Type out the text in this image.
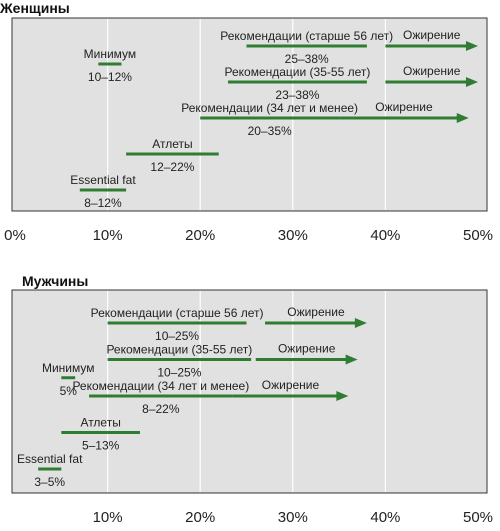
Женщины
Essential fat
8–12%
Атлеты
12–22%
Рекомендации (34 лет и менее)
20–35%
Ожирение
Рекомендации (35-55 лет)
23–38%
Ожирение
Минимум
10–12%
Рекомендации (старше 56 лет)
25–38%
Ожирение
0%	10%	20%	30%	40%	50%
Мужчины
Essential fat
3–5%
Атлеты
5–13%
Рекомендации (34 лет и менее)
8–22%
Ожирение
Минимум
5%
Рекомендации (35-55 лет)
10–25%
Ожирение
Рекомендации (старше 56 лет)
10–25%
Ожирение
10%	20%	30%	40%	50%
